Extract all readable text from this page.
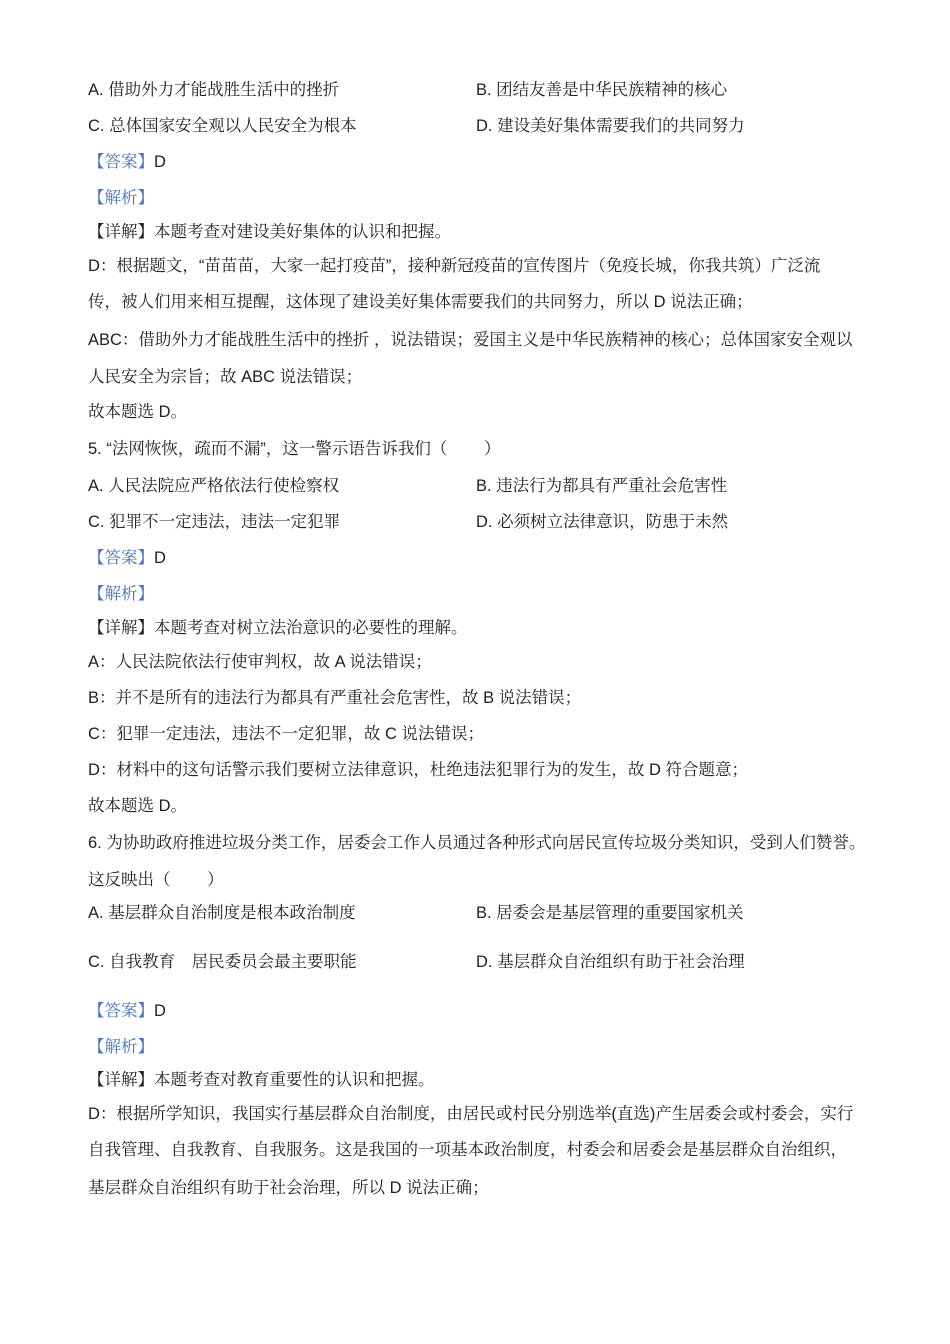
A. 借助外力才能战胜生活中的挫折

	B. 团结友善是中华民族精神的核心

C. 总体国家安全观以人民安全为根本

	D. 建设美好集体需要我们的共同努力

【答案】D

【解析】

【详解】本题考查对建设美好集体的认识和把握。

D：根据题文，“苗苗苗，大家一起打疫苗”，接种新冠疫苗的宣传图片（免疫长城，你我共筑）广泛流

传，被人们用来相互提醒，这体现了建设美好集体需要我们的共同努力，所以 D 说法正确；

ABC：借助外力才能战胜生活中的挫折 ，说法错误；爱国主义是中华民族精神的核心；总体国家安全观以

人民安全为宗旨；故 ABC 说法错误；

故本题选 D。

5. “法网恢恢，疏而不漏”，这一警示语告诉我们（        ）

A. 人民法院应严格依法行使检察权

	B. 违法行为都具有严重社会危害性

C. 犯罪不一定违法，违法一定犯罪

	D. 必须树立法律意识，防患于未然

【答案】D

【解析】

【详解】本题考查对树立法治意识的必要性的理解。

A：人民法院依法行使审判权，故 A 说法错误；

B：并不是所有的违法行为都具有严重社会危害性，故 B 说法错误；

C：犯罪一定违法，违法不一定犯罪，故 C 说法错误；

D：材料中的这句话警示我们要树立法律意识，杜绝违法犯罪行为的发生，故 D 符合题意；

故本题选 D。

6. 为协助政府推进垃圾分类工作，居委会工作人员通过各种形式向居民宣传垃圾分类知识，受到人们赞誉。

这反映出（        ）

A. 基层群众自治制度是根本政治制度

	B. 居委会是基层管理的重要国家机关

C. 自我教育　居民委员会最主要职能

	D. 基层群众自治组织有助于社会治理

【答案】D

【解析】

【详解】本题考查对教育重要性的认识和把握。

D：根据所学知识，我国实行基层群众自治制度，由居民或村民分别选举(直选)产生居委会或村委会，实行

自我管理、自我教育、自我服务。这是我国的一项基本政治制度，村委会和居委会是基层群众自治组织，

基层群众自治组织有助于社会治理，所以 D 说法正确；
